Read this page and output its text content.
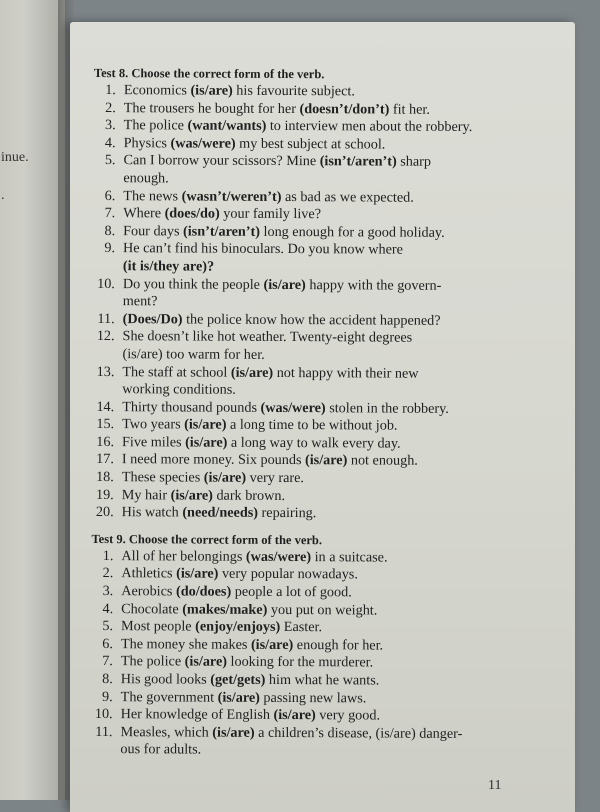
inue.
.
Test 8. Choose the correct form of the verb.
1. Economics (is/are) his favourite subject.
2. The trousers he bought for her (doesn’t/don’t) fit her.
3. The police (want/wants) to interview men about the robbery.
4. Physics (was/were) my best subject at school.
5. Can I borrow your scissors? Mine (isn’t/aren’t) sharp
enough.
6. The news (wasn’t/weren’t) as bad as we expected.
7. Where (does/do) your family live?
8. Four days (isn’t/aren’t) long enough for a good holiday.
9. He can’t find his binoculars. Do you know where
(it is/they are)?
10. Do you think the people (is/are) happy with the govern-
ment?
11. (Does/Do) the police know how the accident happened?
12. She doesn’t like hot weather. Twenty-eight degrees
(is/are) too warm for her.
13. The staff at school (is/are) not happy with their new
working conditions.
14. Thirty thousand pounds (was/were) stolen in the robbery.
15. Two years (is/are) a long time to be without job.
16. Five miles (is/are) a long way to walk every day.
17. I need more money. Six pounds (is/are) not enough.
18. These species (is/are) very rare.
19. My hair (is/are) dark brown.
20. His watch (need/needs) repairing.
Test 9. Choose the correct form of the verb.
1. All of her belongings (was/were) in a suitcase.
2. Athletics (is/are) very popular nowadays.
3. Aerobics (do/does) people a lot of good.
4. Chocolate (makes/make) you put on weight.
5. Most people (enjoy/enjoys) Easter.
6. The money she makes (is/are) enough for her.
7. The police (is/are) looking for the murderer.
8. His good looks (get/gets) him what he wants.
9. The government (is/are) passing new laws.
10. Her knowledge of English (is/are) very good.
11. Measles, which (is/are) a children’s disease, (is/are) danger-
ous for adults.
11
